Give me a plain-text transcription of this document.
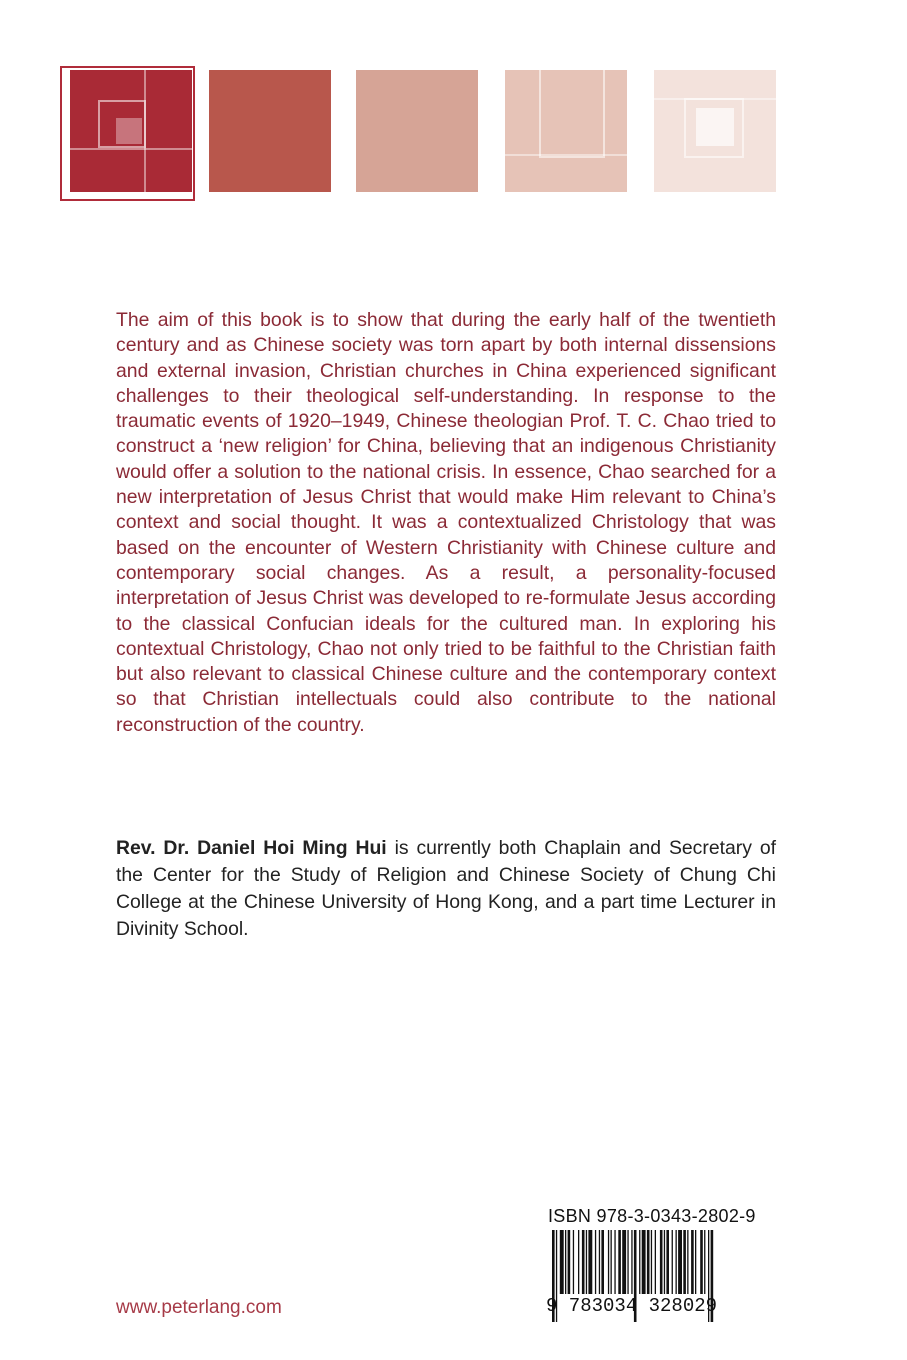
The aim of this book is to show that during the early half of the twentieth century and as Chinese society was torn apart by both internal dissensions and external invasion, Christian churches in China experienced significant challenges to their theological self-understanding. In response to the traumatic events of 1920–1949, Chinese theologian Prof. T. C. Chao tried to construct a ‘new religion’ for China, believing that an indigenous Christianity would offer a solution to the national crisis. In essence, Chao searched for a new interpretation of Jesus Christ that would make Him relevant to China’s context and social thought. It was a contextualized Christology that was based on the encounter of Western Christianity with Chinese culture and contemporary social changes. As a result, a personality-focused interpretation of Jesus Christ was developed to re-formulate Jesus according to the classical Confucian ideals for the cultured man. In exploring his contextual Christology, Chao not only tried to be faithful to the Christian faith but also relevant to classical Chinese culture and the contemporary context so that Christian intellectuals could also contribute to the national reconstruction of the country.

Rev. Dr. Daniel Hoi Ming Hui is currently both Chaplain and Secretary of the Center for the Study of Religion and Chinese Society of Chung Chi College at the Chinese University of Hong Kong, and a part time Lecturer in Divinity School.

ISBN 978-3-0343-2802-9
9 783034 328029
www.peterlang.com
